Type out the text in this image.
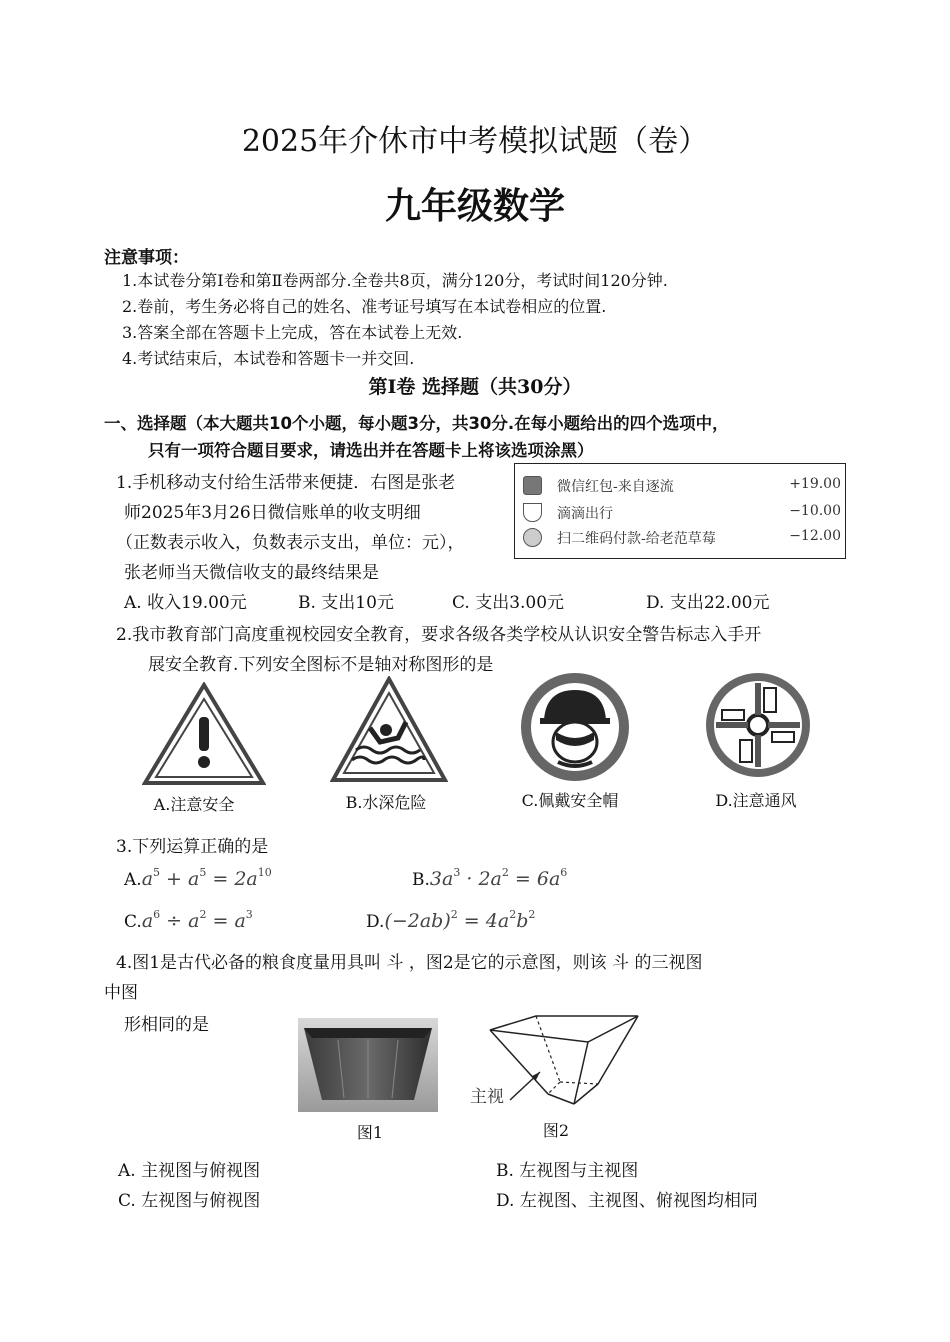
2025年介休市中考模拟试题（卷）
九年级数学
注意事项：
1.本试卷分第Ⅰ卷和第Ⅱ卷两部分.全卷共8页，满分120分，考试时间120分钟.
2.卷前，考生务必将自己的姓名、准考证号填写在本试卷相应的位置.
3.答案全部在答题卡上完成，答在本试卷上无效.
4.考试结束后，本试卷和答题卡一并交回.
第Ⅰ卷 选择题（共30分）
一、选择题（本大题共10个小题，每小题3分，共30分.在每小题给出的四个选项中，
只有一项符合题目要求，请选出并在答题卡上将该选项涂黑）
1.手机移动支付给生活带来便捷．右图是张老
师2025年3月26日微信账单的收支明细
（正数表示收入，负数表示支出，单位：元），
张老师当天微信收支的最终结果是
微信红包-来自逐流	+19.00
滴滴出行	−10.00
扫二维码付款-给老范草莓	−12.00
A. 收入19.00元	B. 支出10元	C. 支出3.00元	D. 支出22.00元
2.我市教育部门高度重视校园安全教育，要求各级各类学校从认识安全警告标志入手开
展安全教育.下列安全图标不是轴对称图形的是
A.注意安全	B.水深危险	C.佩戴安全帽	D.注意通风
3.下列运算正确的是
$A.a^5 + a^5 = 2a^{10}$	$B.3a^3 \cdot 2a^2 = 6a^6$
$C.a^6 \div a^2 = a^3$	$D.(-2ab)^2 = 4a^2b^2$
4.图1是古代必备的粮食度量用具叫 斗 ，图2是它的示意图，则该 斗 的三视图
中图
形相同的是
图1
主视
图2
A. 主视图与俯视图	B. 左视图与主视图
C. 左视图与俯视图	D. 左视图、主视图、俯视图均相同
